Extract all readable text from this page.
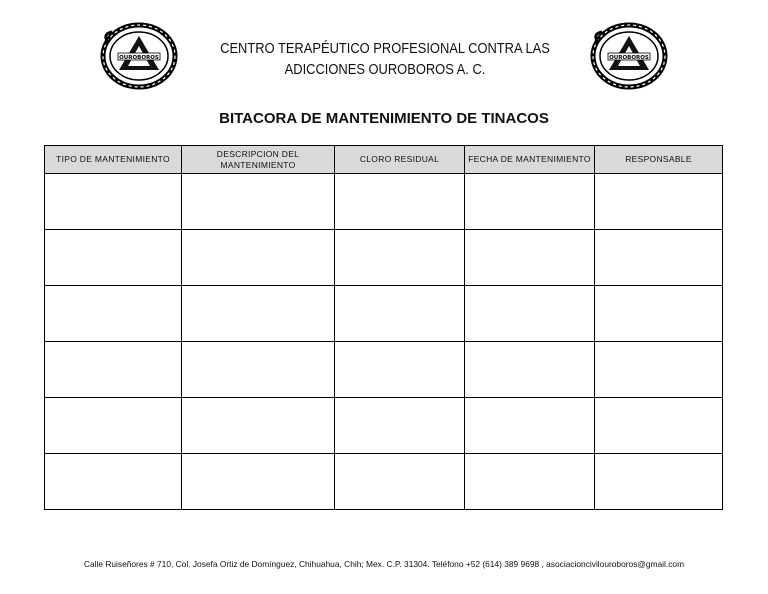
OUROBOROS
CENTRO TERAPÉUTICO PROFESIONAL CONTRA LAS
ADICCIONES OUROBOROS A. C.
OUROBOROS
BITACORA DE MANTENIMIENTO DE TINACOS
TIPO DE MANTENIMIENTO	DESCRIPCION DEL MANTENIMIENTO	CLORO RESIDUAL	FECHA DE MANTENIMIENTO	RESPONSABLE

Calle Ruiseñores # 710, Col. Josefa Ortiz de Domínguez, Chihuahua, Chih; Mex. C.P. 31304. Teléfono +52 (614) 389 9698 , asociacioncivilouroboros@gmail.com
